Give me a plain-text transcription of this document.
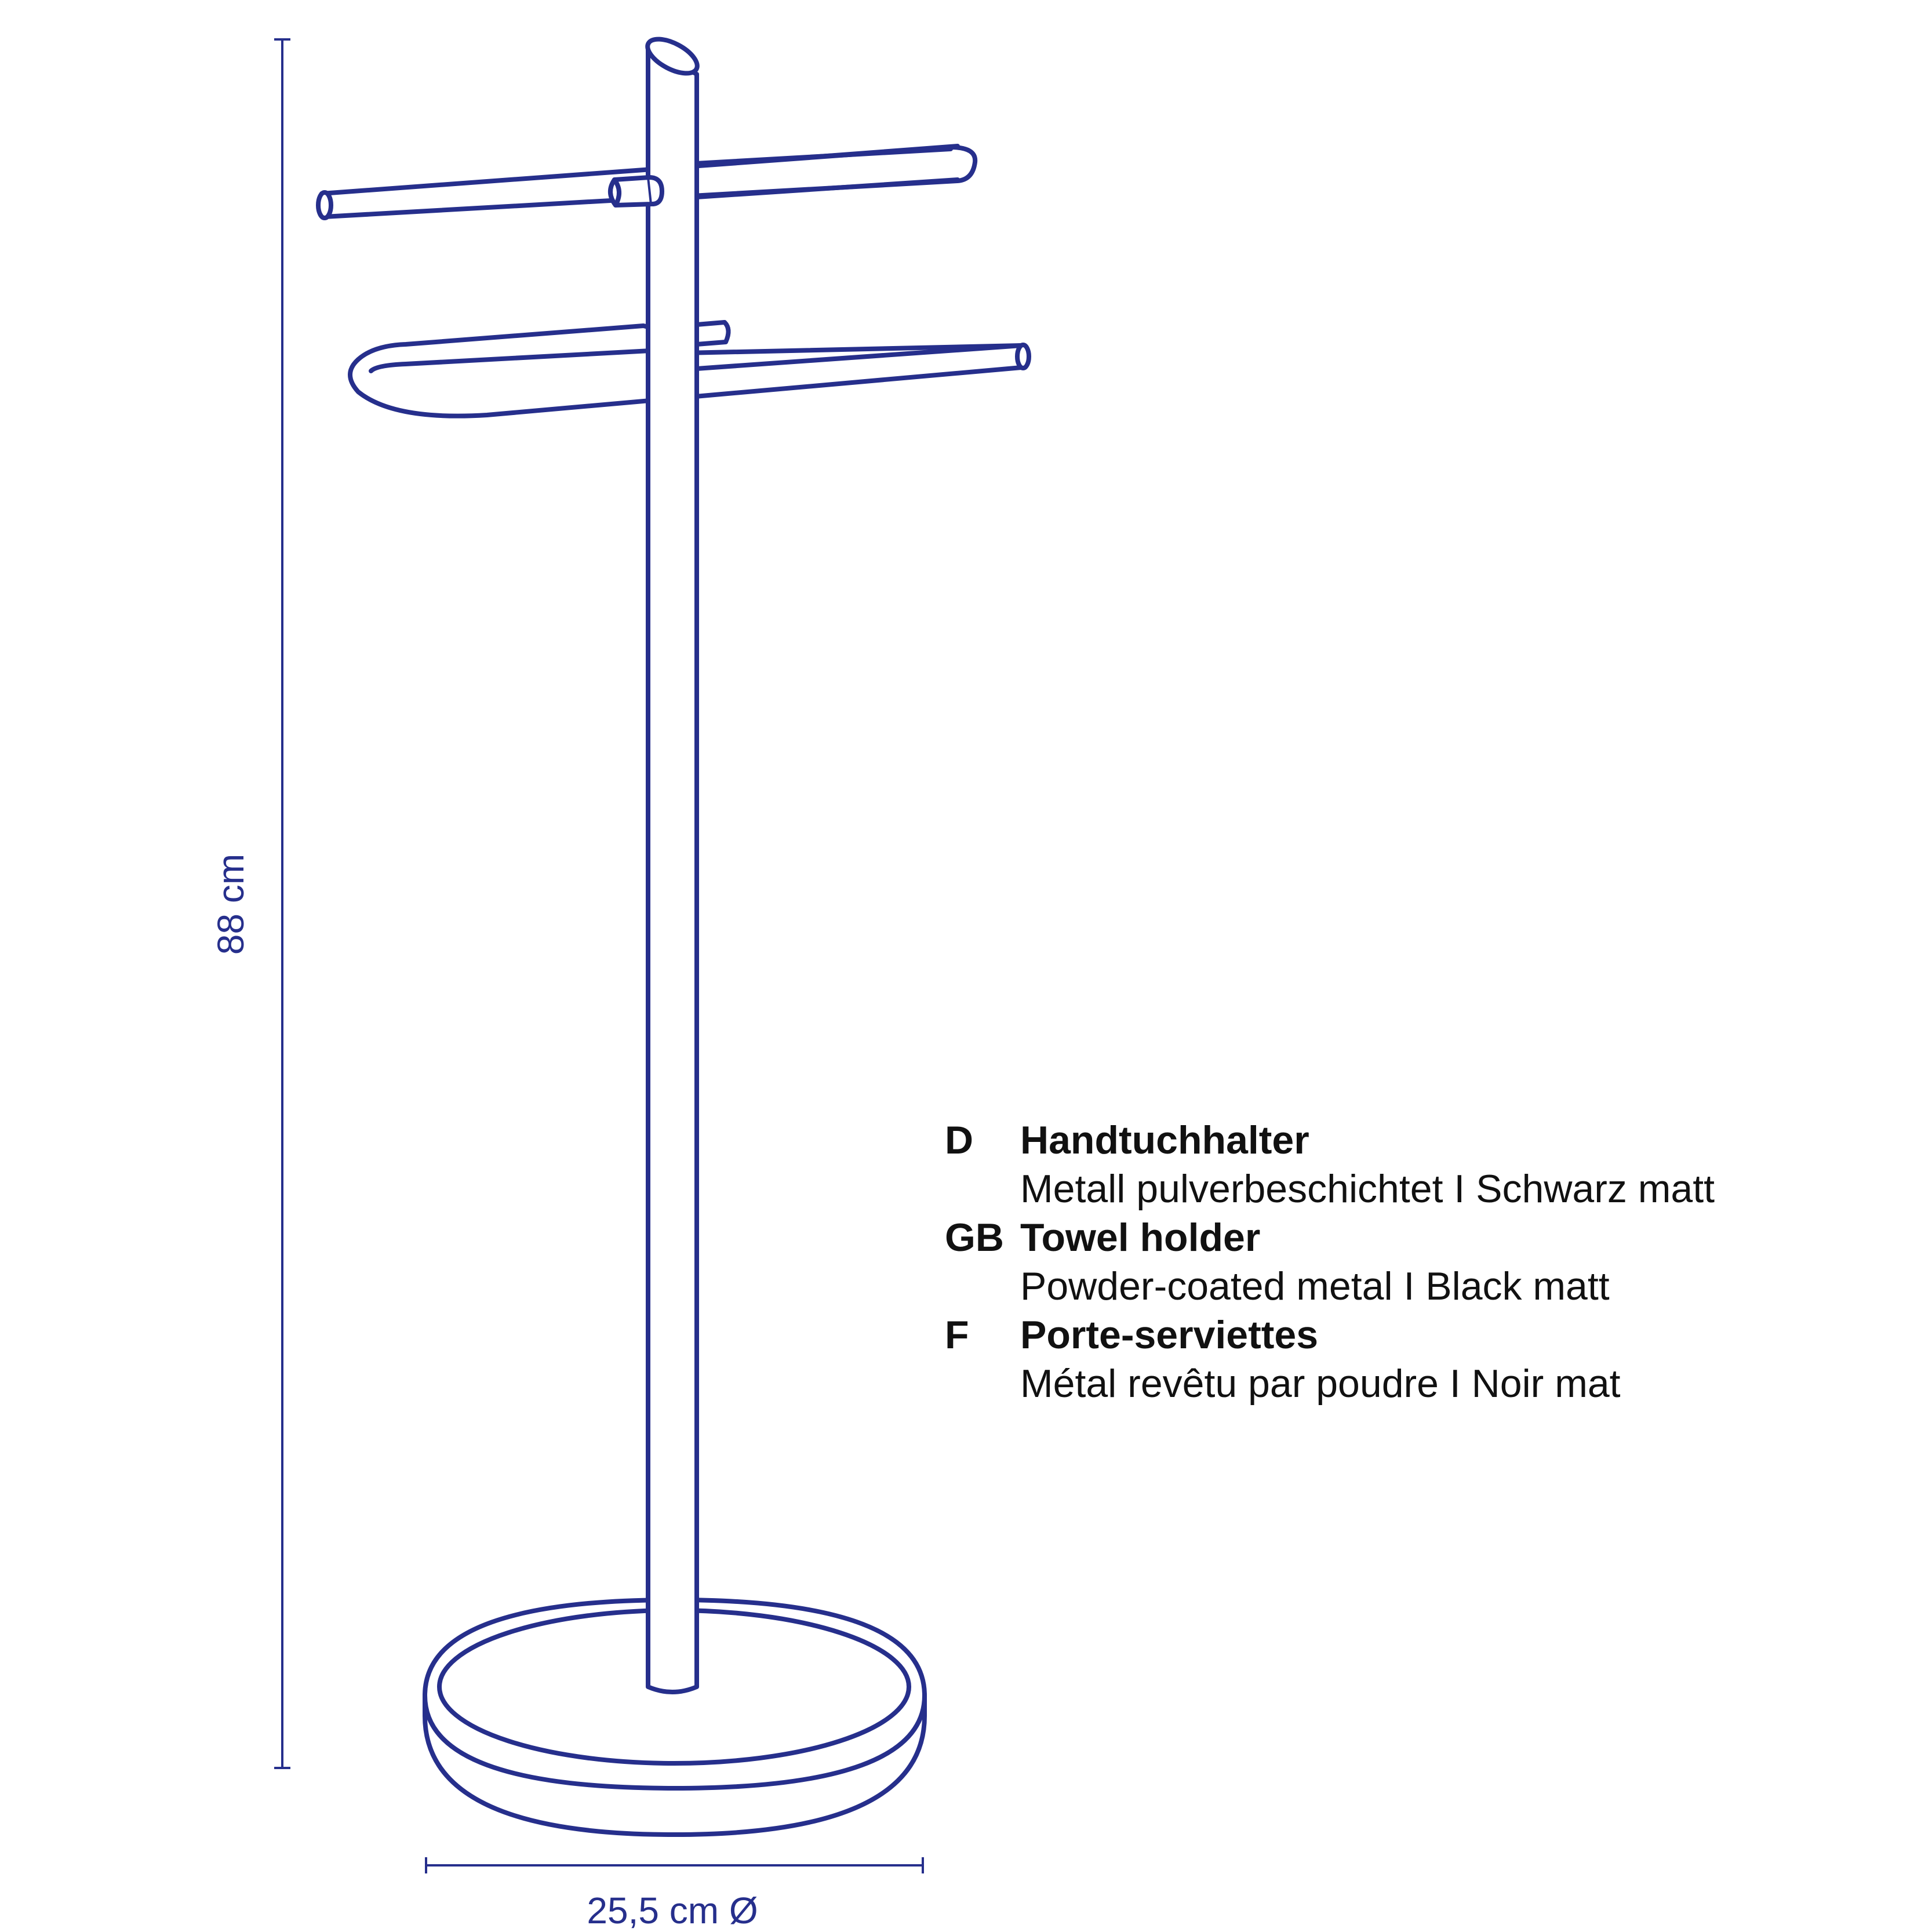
88 cm
25,5 cm Ø
D	Handtuchhalter
Metall pulverbeschichtet I Schwarz matt
GB Towel holder
Powder-coated metal I Black matt
F	Porte-serviettes
Métal revêtu par poudre I Noir mat
